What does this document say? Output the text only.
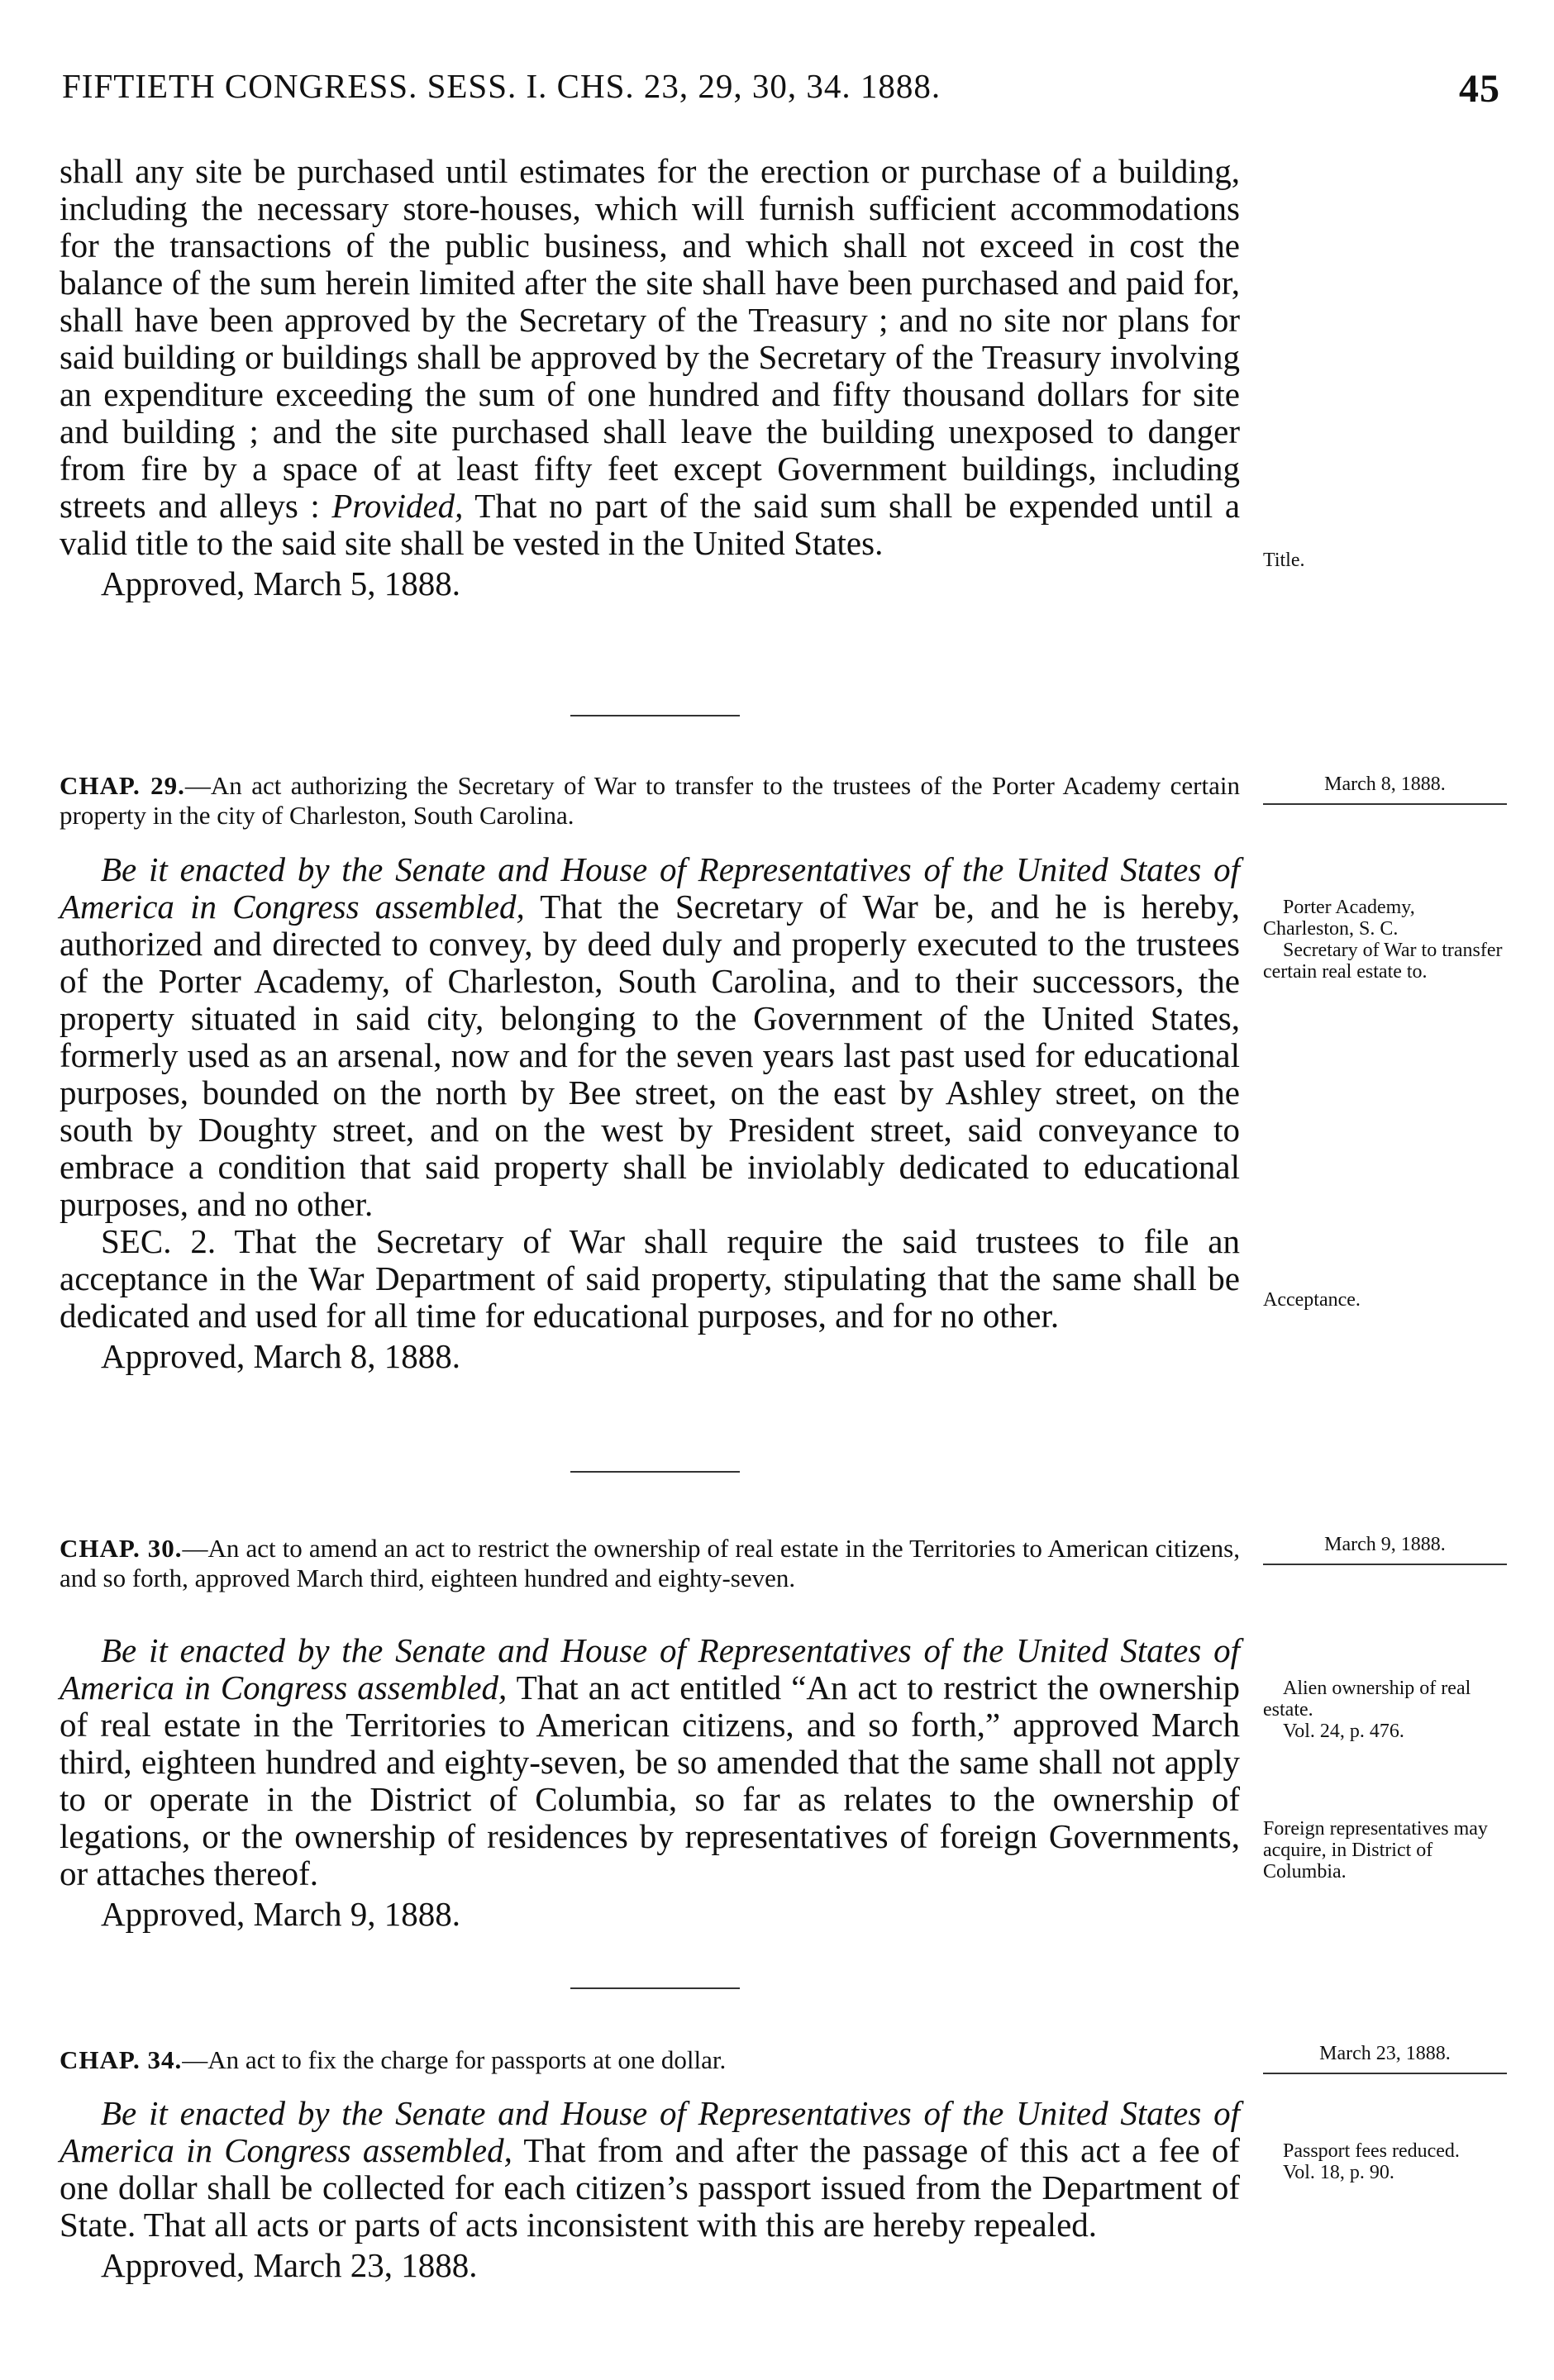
FIFTIETH CONGRESS. SESS. I. CHS. 23, 29, 30, 34. 1888.	45

shall any site be purchased until estimates for the erection or purchase of a building, including the necessary store-houses, which will furnish sufficient accommodations for the transactions of the public business, and which shall not exceed in cost the balance of the sum herein limited after the site shall have been purchased and paid for, shall have been approved by the Secretary of the Treasury ; and no site nor plans for said building or buildings shall be approved by the Secretary of the Treasury involving an expenditure exceeding the sum of one hundred and fifty thousand dollars for site and building ; and the site purchased shall leave the building unexposed to danger from fire by a space of at least fifty feet except Government buildings, including streets and alleys : Provided, That no part of the said sum shall be expended until a valid title to the said site shall be vested in the United States.

Approved, March 5, 1888.

Title.
CHAP. 29.—An act authorizing the Secretary of War to transfer to the trustees of the Porter Academy certain property in the city of Charleston, South Carolina.
March 8, 1888.

Be it enacted by the Senate and House of Representatives of the United States of America in Congress assembled, That the Secretary of War be, and he is hereby, authorized and directed to convey, by deed duly and properly executed to the trustees of the Porter Academy, of Charleston, South Carolina, and to their successors, the property situated in said city, belonging to the Government of the United States, formerly used as an arsenal, now and for the seven years last past used for educational purposes, bounded on the north by Bee street, on the east by Ashley street, on the south by Doughty street, and on the west by President street, said conveyance to embrace a condition that said property shall be inviolably dedicated to educational purposes, and no other.

SEC. 2. That the Secretary of War shall require the said trustees to file an acceptance in the War Department of said property, stipulating that the same shall be dedicated and used for all time for educational purposes, and for no other.

Approved, March 8, 1888.

Porter Academy, Charleston, S. C.
Secretary of War to transfer certain real estate to.
Acceptance.
CHAP. 30.—An act to amend an act to restrict the ownership of real estate in the Territories to American citizens, and so forth, approved March third, eighteen hundred and eighty-seven.
March 9, 1888.

Be it enacted by the Senate and House of Representatives of the United States of America in Congress assembled, That an act entitled “An act to restrict the ownership of real estate in the Territories to American citizens, and so forth,” approved March third, eighteen hundred and eighty-seven, be so amended that the same shall not apply to or operate in the District of Columbia, so far as relates to the ownership of legations, or the ownership of residences by representatives of foreign Governments, or attaches thereof.

Approved, March 9, 1888.

Alien ownership of real estate.
Vol. 24, p. 476.
Foreign representatives may acquire, in District of Columbia.
CHAP. 34.—An act to fix the charge for passports at one dollar.	March 23, 1888.

Be it enacted by the Senate and House of Representatives of the United States of America in Congress assembled, That from and after the passage of this act a fee of one dollar shall be collected for each citizen’s passport issued from the Department of State. That all acts or parts of acts inconsistent with this are hereby repealed.

Approved, March 23, 1888.

Passport fees reduced.
Vol. 18, p. 90.
